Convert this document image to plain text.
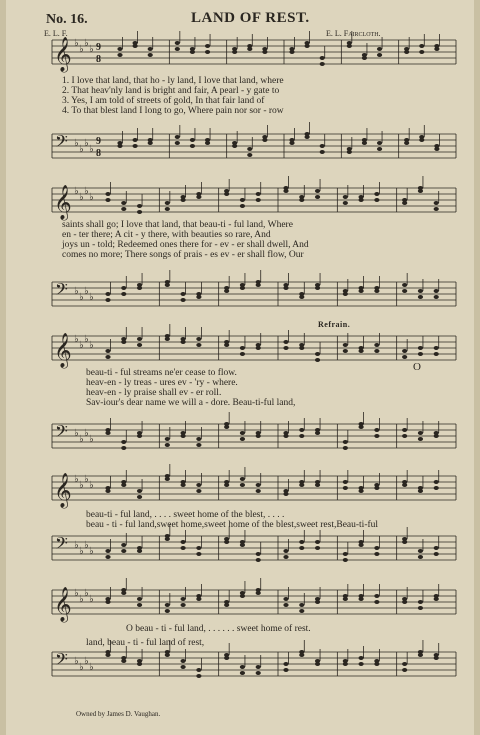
No. 16.	LAND OF REST.
E. L. F.	E. L. Faircloth.
Refrain.
𝄞 ♭
♭
♭
♭ 9
8
𝄢 ♭
♭
♭
♭
9
8
𝄞 ♭
♭
♭
♭
𝄢 ♭
♭
♭
♭
𝄞 ♭
♭
♭
♭
𝄢 ♭
♭
♭
♭
𝄞 ♭
♭
♭
♭
𝄢 ♭
♭
♭
♭
𝄞 ♭
♭
♭
♭
𝄢 ♭
♭
♭
♭
1. I love that land, that ho - ly land, I love that land, where
2. That heav'nly land is bright and fair, A pearl - y gate to
3. Yes, I am told of streets of gold, In that fair land of
4. To that blest land I long to go, Where pain nor sor - row
saints shall go; I love that land, that beau-ti - ful land, Where
en - ter there; A cit - y there, with beauties so rare, And
joys un - told; Redeemed ones there for - ev - er shall dwell, And
comes no more; There songs of prais - es ev - er shall flow, Our
beau-ti - ful streams ne'er cease to flow.
heav-en - ly treas - ures ev - 'ry - where.
heav-en - ly praise shall ev - er roll.
Sav-iour's dear name we will a - dore. Beau-ti-ful land,
O
beau-ti - ful land, . . . . sweet home of the blest, . . . .
beau - ti - ful land,sweet home,sweet home of the blest,sweet rest,Beau-ti-ful
O beau - ti - ful land, . . . . . . sweet home of rest.
land, beau - ti - ful land of rest,
Owned by James D. Vaughan.
